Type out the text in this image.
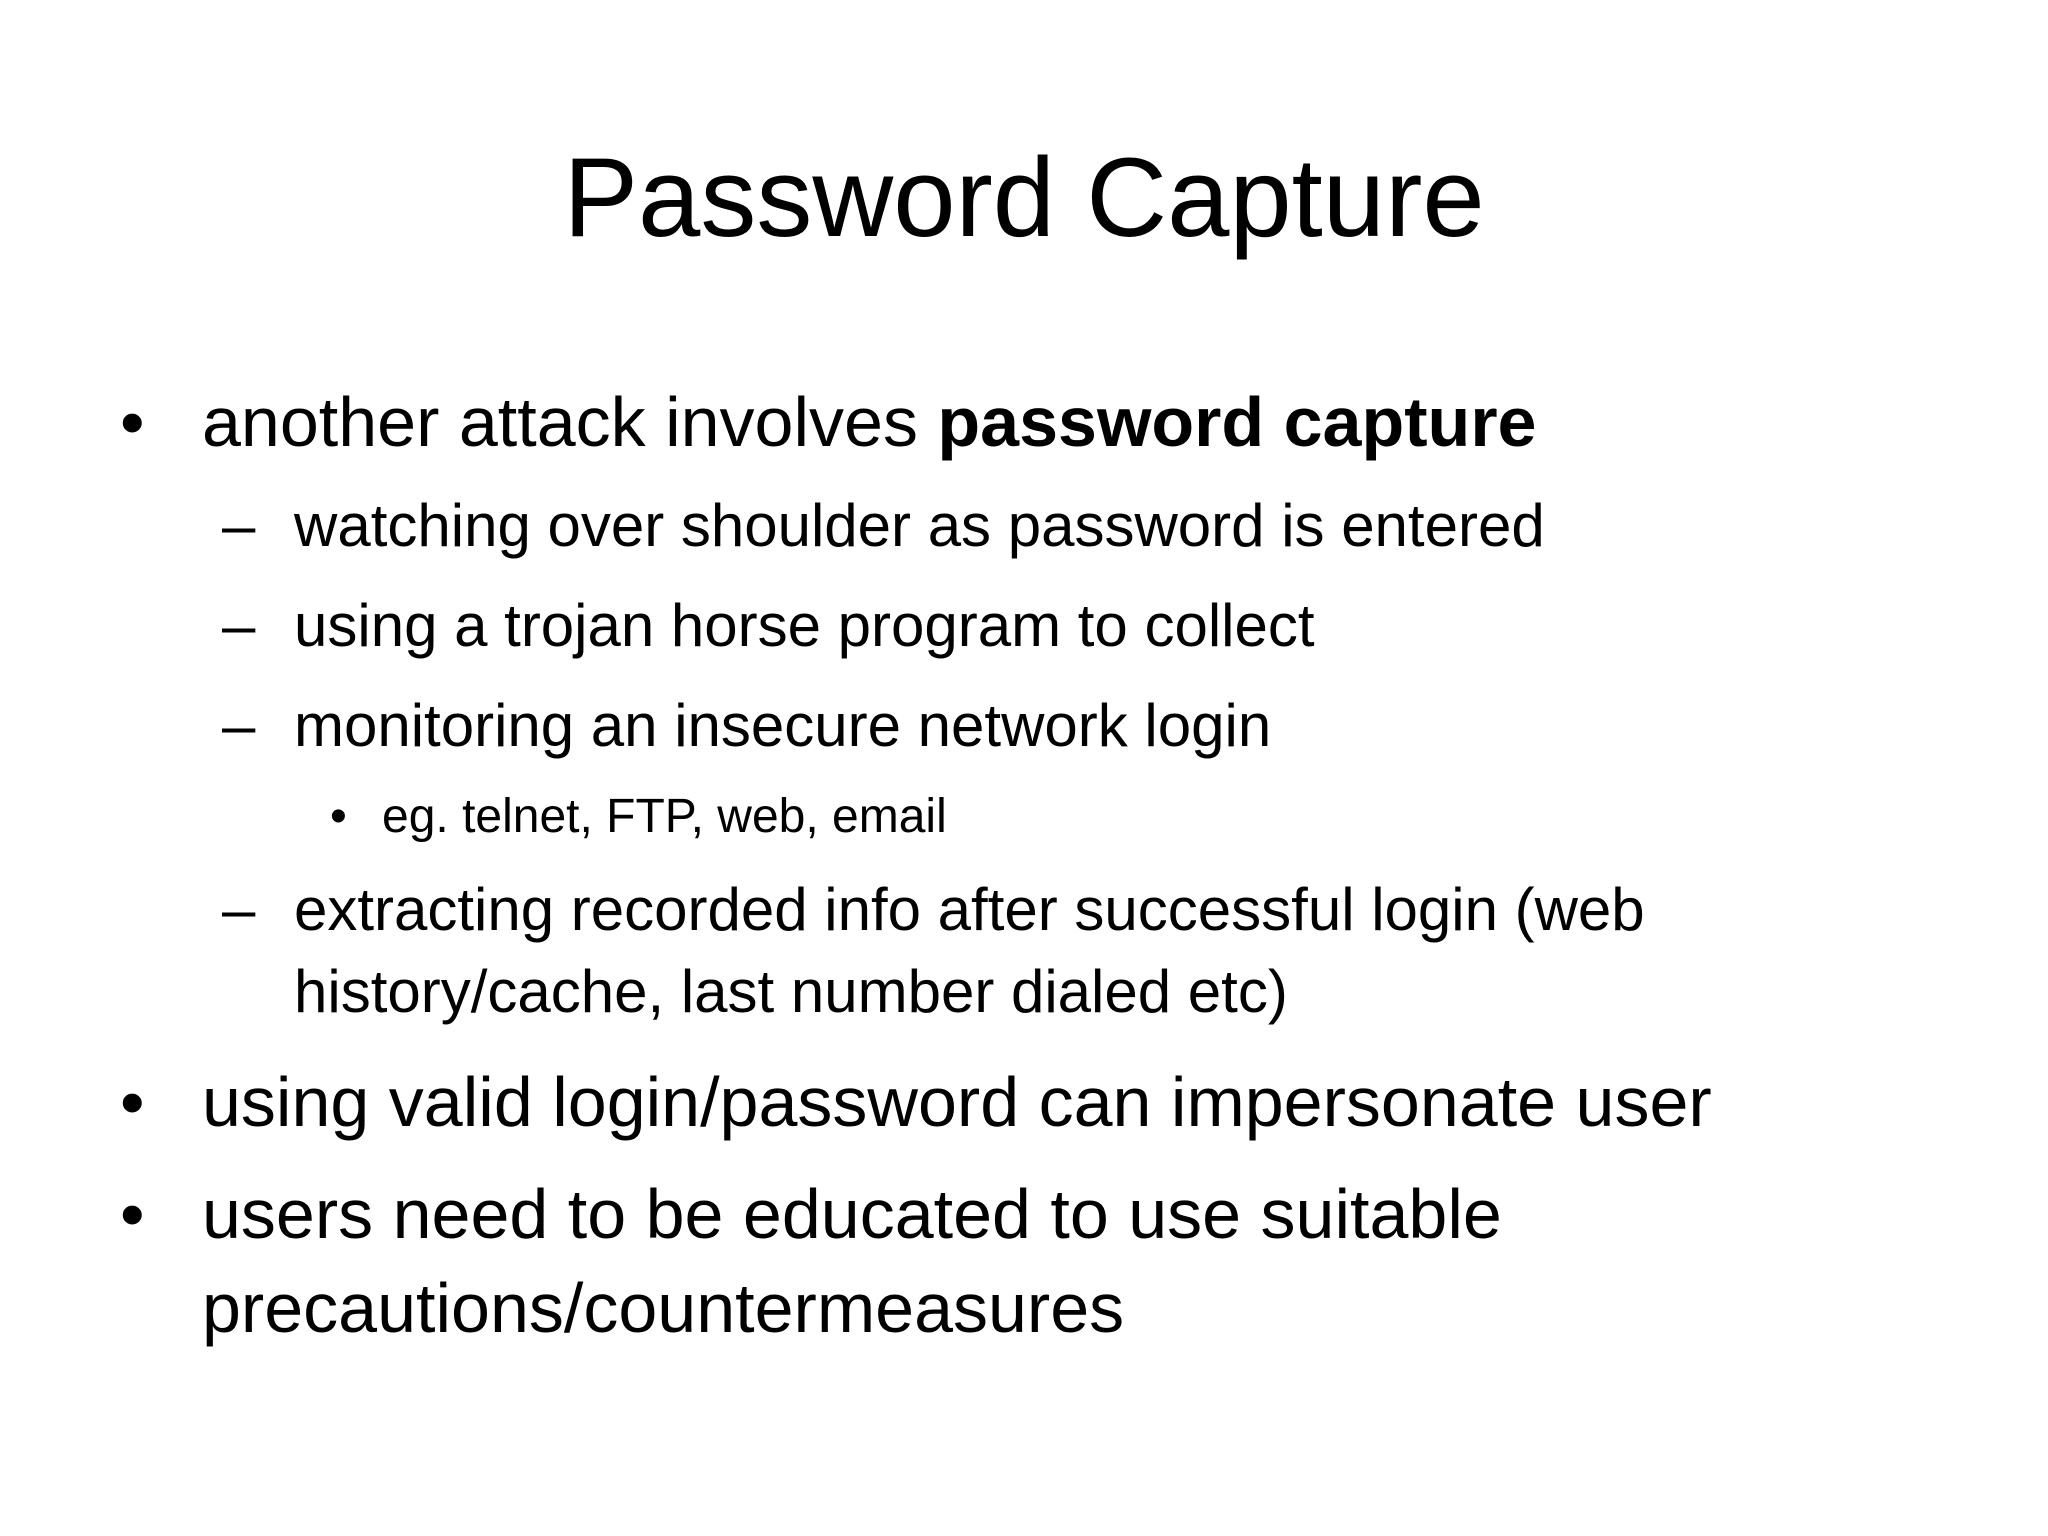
Password Capture
• another attack involves password capture
– watching over shoulder as password is entered
– using a trojan horse program to collect
– monitoring an insecure network login
• eg. telnet, FTP, web, email
– extracting recorded info after successful login (web
history/cache, last number dialed etc)
• using valid login/password can impersonate user
• users need to be educated to use suitable
precautions/countermeasures
